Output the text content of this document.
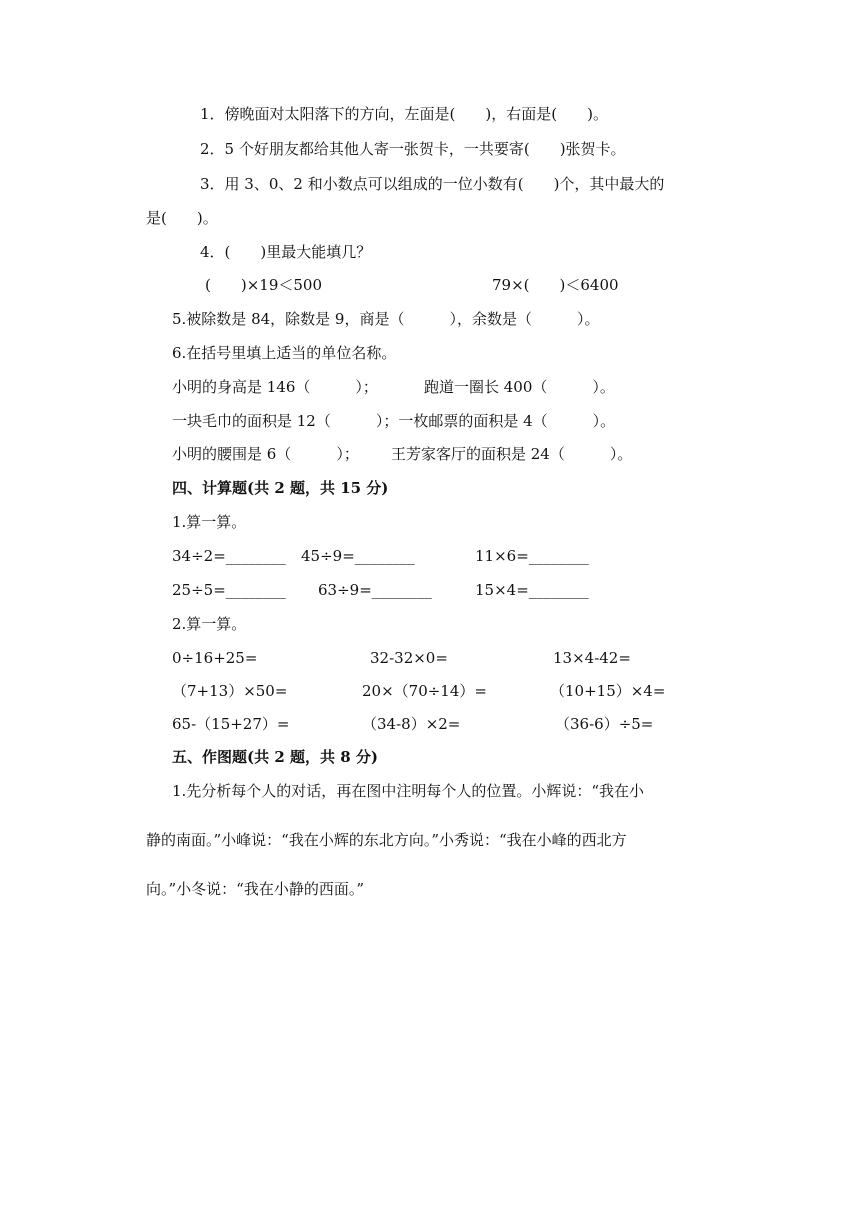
1．傍晚面对太阳落下的方向，左面是(　　)，右面是(　　)。

2．5 个好朋友都给其他人寄一张贺卡，一共要寄(　　)张贺卡。

3．用 3、0、2 和小数点可以组成的一位小数有(　　)个，其中最大的

是(　　)。

4．(　　)里最大能填几？

(　　)×19＜500	79×(　　)＜6400

5.被除数是 84，除数是 9，商是（　　　），余数是（　　　）。

6.在括号里填上适当的单位名称。

小明的身高是 146（　　　）；	跑道一圈长 400（　　　）。

一块毛巾的面积是 12（　　　）；一枚邮票的面积是 4（　　　）。

小明的腰围是 6（　　　）； 王芳家客厅的面积是 24（　　　）。

四、计算题(共 2 题，共 15 分)

1.算一算。

34÷2=________ 45÷9=________	11×6=________

25÷5=________ 63÷9=________	15×4=________

2.算一算。

0÷16+25=	32-32×0=	13×4-42=

（7+13）×50=	20×（70÷14）=	（10+15）×4=

65-（15+27）=	（34-8）×2=	（36-6）÷5=

五、作图题(共 2 题，共 8 分)

1.先分析每个人的对话，再在图中注明每个人的位置。小辉说：“我在小

静的南面。”小峰说：“我在小辉的东北方向。”小秀说：“我在小峰的西北方

向。”小冬说：“我在小静的西面。”
